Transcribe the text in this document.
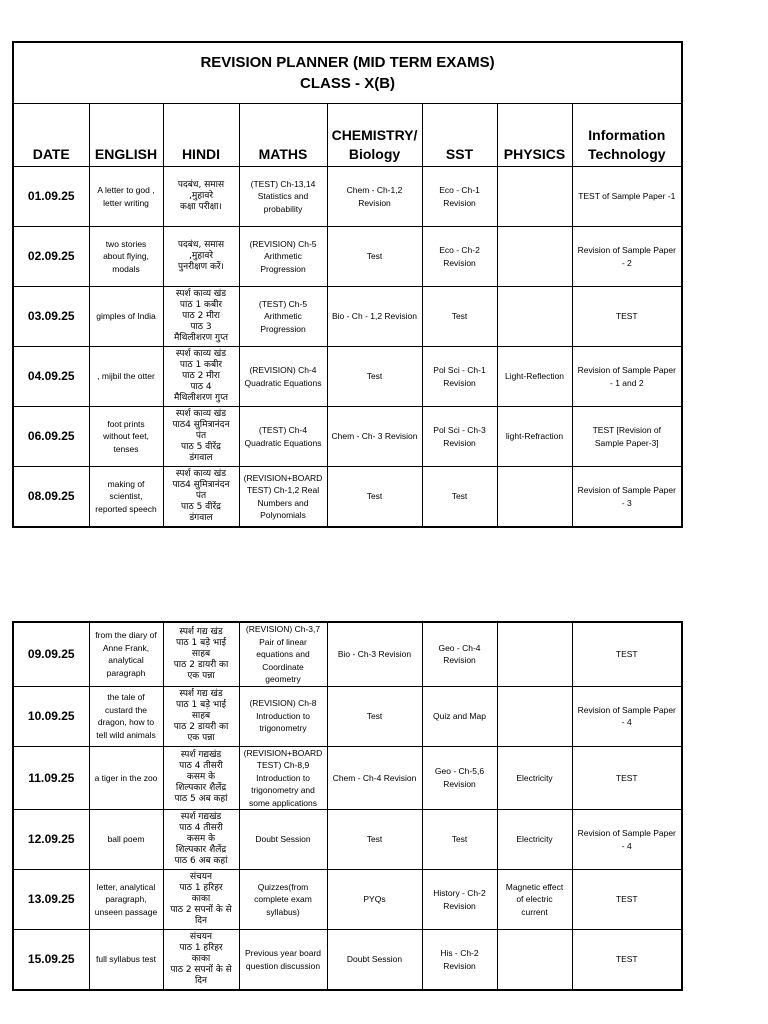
REVISION PLANNER (MID TERM EXAMS)
CLASS - X(B)							

DATE	ENGLISH	HINDI	MATHS	CHEMISTRY/
Biology	SST	PHYSICS	Information
Technology
01.09.25	A letter to god ,
letter writing	पदबंध, समास
,मुहावरे
कक्षा परीक्षा।	(TEST) Ch-13,14
Statistics and
probability	Chem - Ch-1,2
Revision	Eco - Ch-1
Revision		TEST of Sample Paper -1
02.09.25	two stories
about flying,
modals	पदबंध, समास
,मुहावरे
पुनरीक्षण करें।	(REVISION) Ch-5
Arithmetic
Progression	Test	Eco - Ch-2
Revision		Revision of Sample Paper
- 2
03.09.25	gimples of India	स्पर्श काव्य खंड
पाठ 1 कबीर
पाठ 2 मीरा
पाठ 3
मैथिलीशरण गुप्त	(TEST) Ch-5
Arithmetic
Progression	Bio - Ch - 1,2 Revision	Test		TEST
04.09.25	, mijbil the otter	स्पर्श काव्य खंड
पाठ 1 कबीर
पाठ 2 मीरा
पाठ 4
मैथिलीशरण गुप्त	(REVISION) Ch-4
Quadratic Equations	Test	Pol Sci - Ch-1
Revision	Light-Reflection	Revision of Sample Paper
- 1 and 2
06.09.25	foot prints
without feet,
tenses	स्पर्श काव्य खंड
पाठ4 सुमित्रानंदन
पंत
पाठ 5 वीरेंद्र
डंगवाल	(TEST) Ch-4
Quadratic Equations	Chem - Ch- 3 Revision	Pol Sci - Ch-3
Revision	light-Refraction	TEST [Revision of
Sample Paper-3]
08.09.25	making of
scientist,
reported speech	स्पर्श काव्य खंड
पाठ4 सुमित्रानंदन
पंत
पाठ 5 वीरेंद्र
डंगवाल	(REVISION+BOARD
TEST) Ch-1,2 Real
Numbers and
Polynomials	Test	Test		Revision of Sample Paper
- 3
09.09.25	from the diary of
Anne Frank,
analytical
paragraph	स्पर्श गद्य खंड
पाठ 1 बड़े भाई
साहब
पाठ 2 डायरी का
एक पन्ना	(REVISION) Ch-3,7
Pair of linear
equations and
Coordinate
geometry	Bio - Ch-3 Revision	Geo - Ch-4
Revision		TEST
10.09.25	the tale of
custard the
dragon, how to
tell wild animals	स्पर्श गद्य खंड
पाठ 1 बड़े भाई
साहब
पाठ 2 डायरी का
एक पन्ना	(REVISION) Ch-8
Introduction to
trigonometry	Test	Quiz and Map		Revision of Sample Paper
- 4
11.09.25	a tiger in the zoo	स्पर्श गद्यखंड
पाठ 4 तीसरी
कसम के
शिल्पकार शैलेंद्र
पाठ 5 अब कहां	(REVISION+BOARD
TEST) Ch-8,9
Introduction to
trigonometry and
some applications	Chem - Ch-4 Revision	Geo - Ch-5,6
Revision	Electricity	TEST
12.09.25	ball poem	स्पर्श गद्यखंड
पाठ 4 तीसरी
कसम के
शिल्पकार शैलेंद्र
पाठ 6 अब कहां	Doubt Session	Test	Test	Electricity	Revision of Sample Paper
- 4
13.09.25	letter, analytical
paragraph,
unseen passage	संचयन
पाठ 1 हरिहर
काका
पाठ 2 सपनों के से
दिन	Quizzes(from
complete exam
syllabus)	PYQs	History - Ch-2
Revision	Magnetic effect
of electric
current	TEST
15.09.25	full syllabus test	संचयन
पाठ 1 हरिहर
काका
पाठ 2 सपनों के से
दिन	Previous year board
question discussion	Doubt Session	His - Ch-2
Revision		TEST
